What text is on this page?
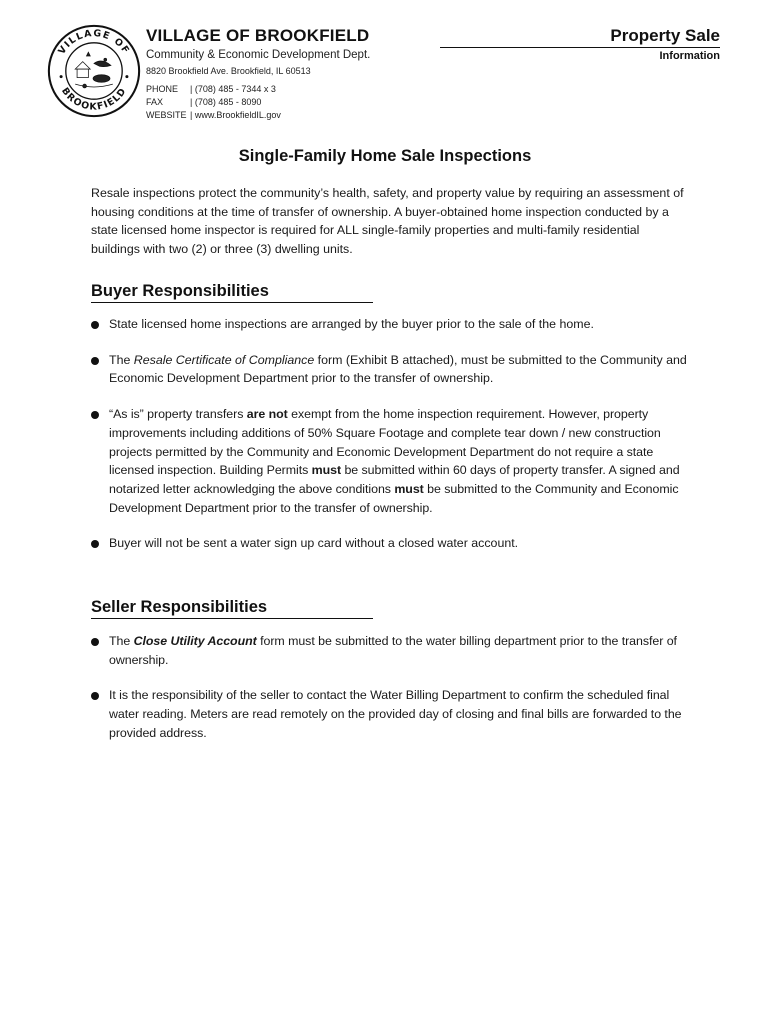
VILLAGE OF
BROOKFIELD
VILLAGE OF BROOKFIELD
Community & Economic Development Dept.
8820 Brookfield Ave. Brookfield, IL 60513
PHONE	| (708) 485 - 7344 x 3
FAX	| (708) 485 - 8090
WEBSITE | www.BrookfieldIL.gov
Property Sale
Information
Single-Family Home Sale Inspections
Resale inspections protect the community’s health, safety, and property value by requiring an assessment of housing conditions at the time of transfer of ownership. A buyer-obtained home inspection conducted by a state licensed home inspector is required for ALL single-family properties and multi-family residential buildings with two (2) or three (3) dwelling units.
Buyer Responsibilities
State licensed home inspections are arranged by the buyer prior to the sale of the home.
The Resale Certificate of Compliance form (Exhibit B attached), must be submitted to the Community and Economic Development Department prior to the transfer of ownership.
“As is” property transfers are not exempt from the home inspection requirement. However, property improvements including additions of 50% Square Footage and complete tear down / new construction projects permitted by the Community and Economic Development Department do not require a state licensed inspection. Building Permits must be submitted within 60 days of property transfer. A signed and notarized letter acknowledging the above conditions must be submitted to the Community and Economic Development Department prior to the transfer of ownership.
Buyer will not be sent a water sign up card without a closed water account.
Seller Responsibilities
The Close Utility Account form must be submitted to the water billing department prior to the transfer of ownership.
It is the responsibility of the seller to contact the Water Billing Department to confirm the scheduled final water reading. Meters are read remotely on the provided day of closing and final bills are forwarded to the provided address.
